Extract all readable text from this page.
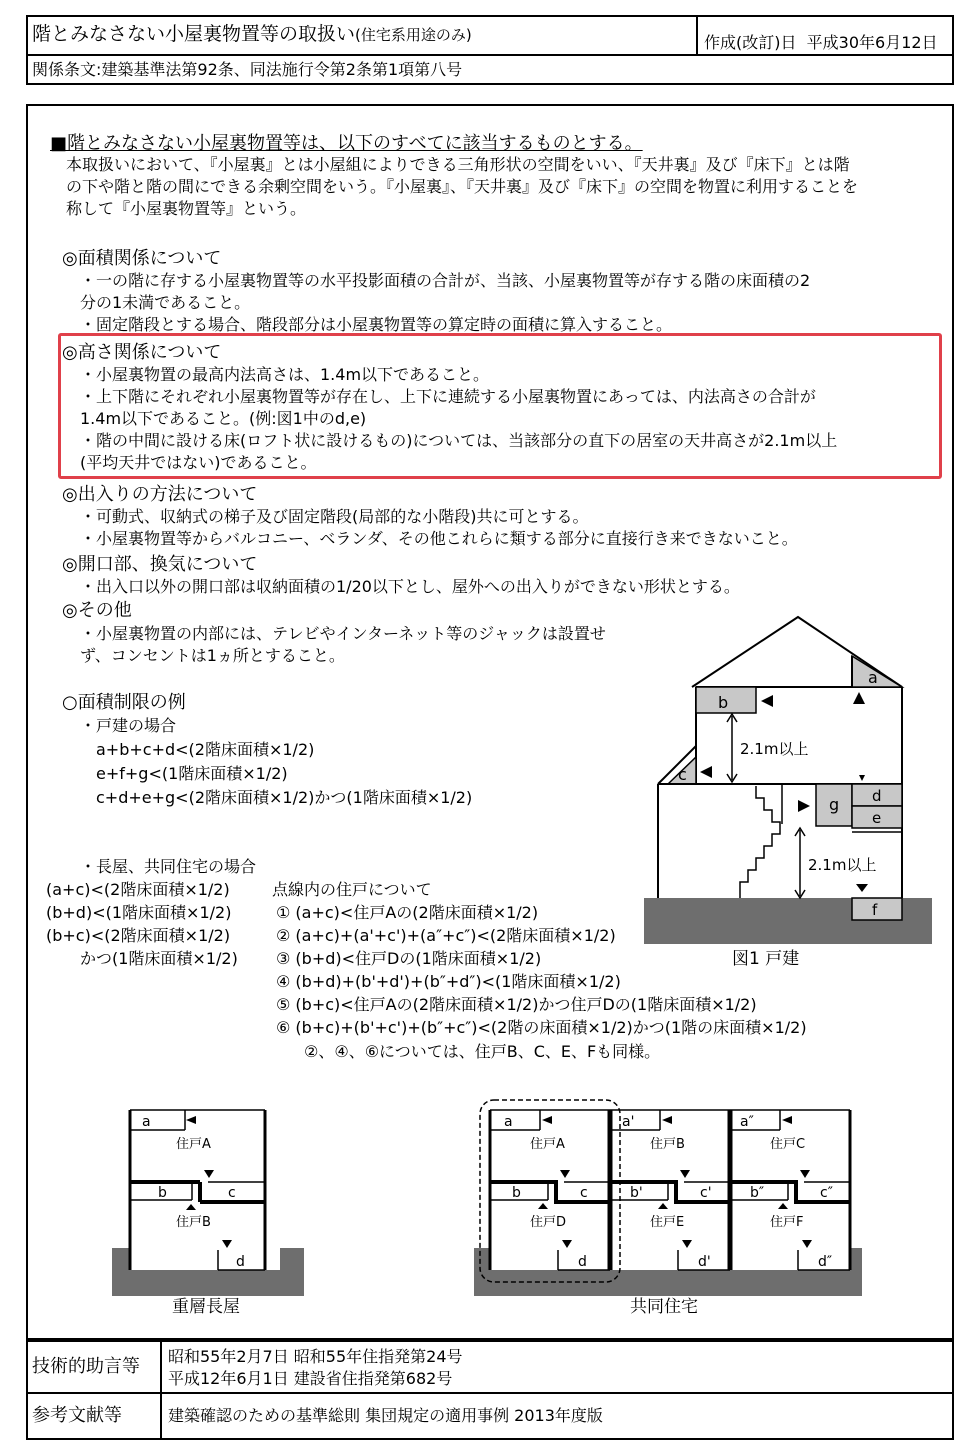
階とみなさない小屋裏物置等の取扱い(住宅系用途のみ)	作成(改訂)日 平成30年6月12日
関係条文:建築基準法第92条、同法施行令第2条第1項第八号
■階とみなさない小屋裏物置等は、以下のすべてに該当するものとする。
本取扱いにおいて、『小屋裏』とは小屋組によりできる三角形状の空間をいい、『天井裏』及び『床下』とは階
の下や階と階の間にできる余剰空間をいう。『小屋裏』、『天井裏』及び『床下』の空間を物置に利用することを
称して『小屋裏物置等』という。
◎面積関係について
・一の階に存する小屋裏物置等の水平投影面積の合計が、当該、小屋裏物置等が存する階の床面積の2
分の1未満であること。
・固定階段とする場合、階段部分は小屋裏物置等の算定時の面積に算入すること。
◎高さ関係について
・小屋裏物置の最高内法高さは、1.4m以下であること。
・上下階にそれぞれ小屋裏物置等が存在し、上下に連続する小屋裏物置にあっては、内法高さの合計が
1.4m以下であること。(例:図1中のd,e)
・階の中間に設ける床(ロフト状に設けるもの)については、当該部分の直下の居室の天井高さが2.1m以上
(平均天井ではない)であること。
◎出入りの方法について
・可動式、収納式の梯子及び固定階段(局部的な小階段)共に可とする。
・小屋裏物置等からバルコニー、ベランダ、その他これらに類する部分に直接行き来できないこと。
◎開口部、換気について
・出入口以外の開口部は収納面積の1/20以下とし、屋外への出入りができない形状とする。
◎その他
・小屋裏物置の内部には、テレビやインターネット等のジャックは設置せ
ず、コンセントは1ヵ所とすること。
○面積制限の例
・戸建の場合
a+b+c+d<(2階床面積×1/2)
e+f+g<(1階床面積×1/2)
c+d+e+g<(2階床面積×1/2)かつ(1階床面積×1/2)
・長屋、共同住宅の場合
(a+c)<(2階床面積×1/2)
(b+d)<(1階床面積×1/2)
(b+c)<(2階床面積×1/2)
かつ(1階床面積×1/2)
点線内の住戸について
① (a+c)<住戸Aの(2階床面積×1/2)
② (a+c)+(a'+c')+(a″+c″)<(2階床面積×1/2)
③ (b+d)<住戸Dの(1階床面積×1/2)
④ (b+d)+(b'+d')+(b″+d″)<(1階床面積×1/2)
⑤ (b+c)<住戸Aの(2階床面積×1/2)かつ住戸Dの(1階床面積×1/2)
⑥ (b+c)+(b'+c')+(b″+c″)<(2階の床面積×1/2)かつ(1階の床面積×1/2)
②、④、⑥については、住戸B、C、E、Fも同様。
a
b
2.1m以上
c
g d
e
2.1m以上
f
図1 戸建
a
住戸A
b	c
住戸B
d
重層長屋
a	a'	a″
住戸A	住戸B	住戸C
b	b'	b″
c	c'	c″
住戸D	住戸E	住戸F
d	d'	d″
共同住宅
技術的助言等 昭和55年2月7日 昭和55年住指発第24号
平成12年6月1日 建設省住指発第682号
参考文献等	建築確認のための基準総則 集団規定の適用事例 2013年度版
